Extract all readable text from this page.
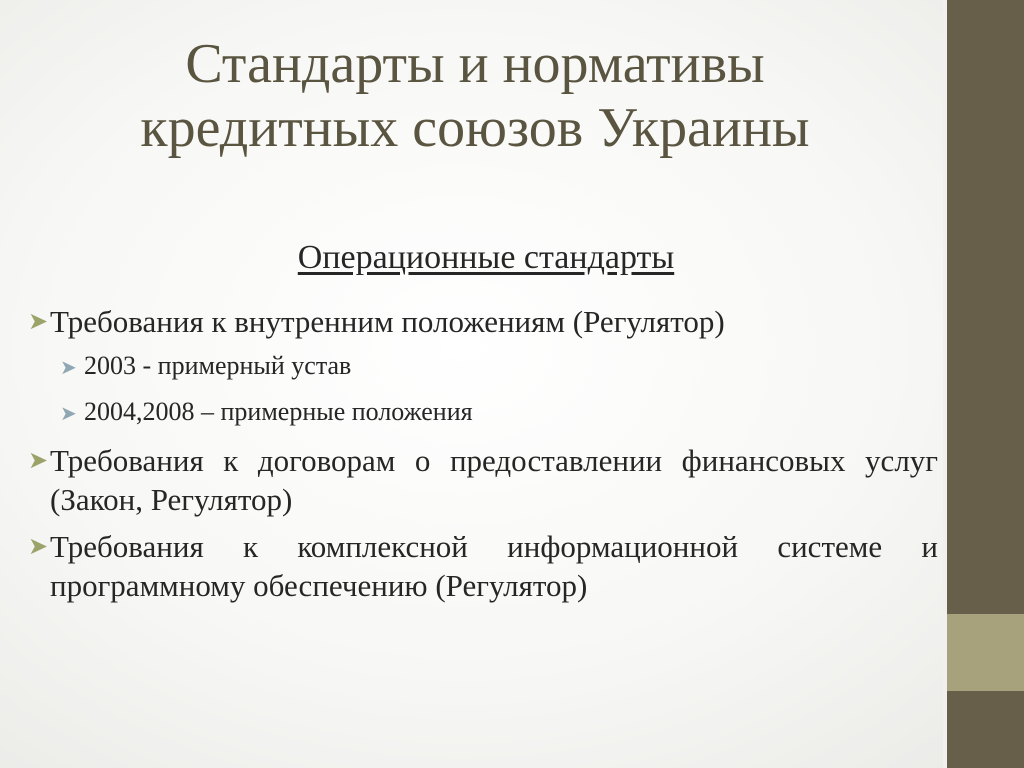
Стандарты и нормативы
кредитных союзов Украины
Операционные стандарты
➤ Требования к внутренним положениям (Регулятор)
➤ 2003 - примерный устав
➤ 2004,2008 – примерные положения
➤ Требования к договорам о предоставлении финансовых услуг (Закон, Регулятор)
➤ Требования к комплексной информационной системе и программному обеспечению (Регулятор)
